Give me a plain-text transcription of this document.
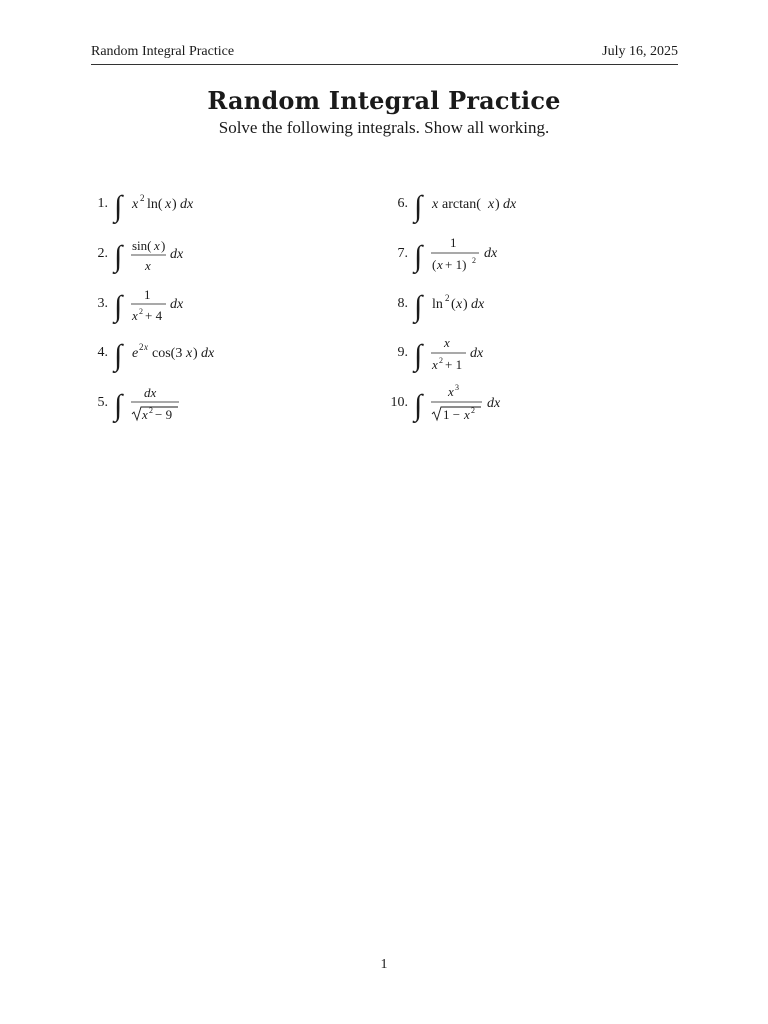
Random Integral Practice	July 16, 2025
Random Integral Practice
Solve the following integrals. Show all working.
1. ∫ x 2 ln( x ) dx
2. ∫ sin( x )
x
dx
3. ∫ 1
x 2 + 4
dx
4. ∫ e 2 x cos(3 x ) dx
5. ∫ dx
x 2 − 9
6. ∫ x arctan( x ) dx
7. ∫ 1
( x + 1) 2 dx
8. ∫ ln 2 ( x ) dx
9. ∫ x
x 2 + 1
dx
10. ∫ x 3
1 − x 2 dx
1
